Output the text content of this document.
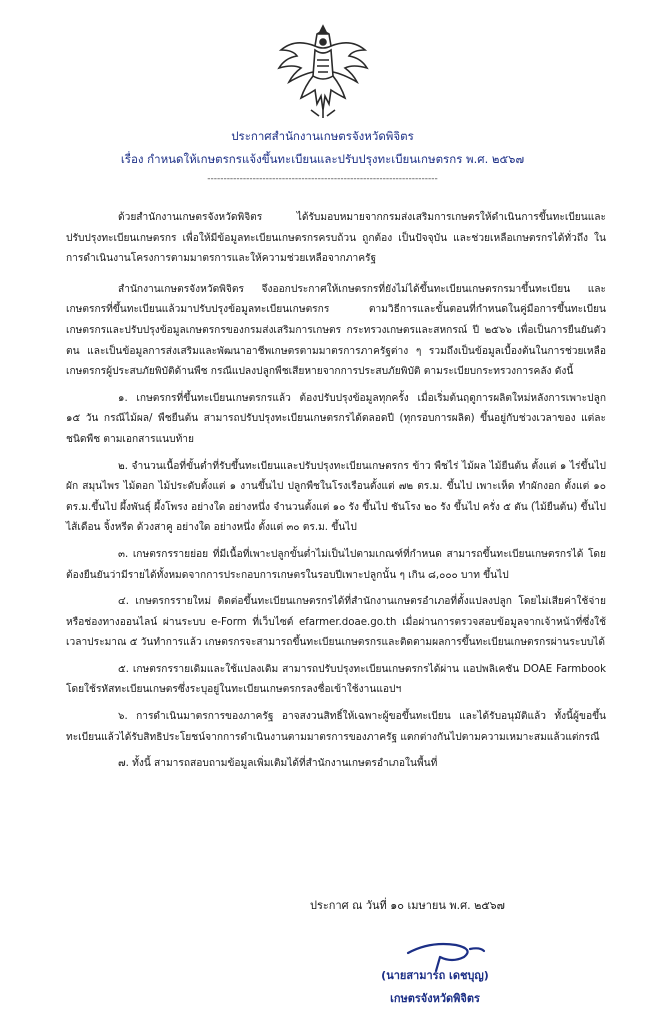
ประกาศสำนักงานเกษตรจังหวัดพิจิตร
เรื่อง กำหนดให้เกษตรกรแจ้งขึ้นทะเบียนและปรับปรุงทะเบียนเกษตรกร พ.ศ. ๒๕๖๗
-----------------------------------------------------------------------

ด้วยสำนักงานเกษตรจังหวัดพิจิตร ได้รับมอบหมายจากกรมส่งเสริมการเกษตรให้ดำเนินการขึ้นทะเบียนและปรับปรุงทะเบียนเกษตรกร เพื่อให้มีข้อมูลทะเบียนเกษตรกรครบถ้วน ถูกต้อง เป็นปัจจุบัน และช่วยเหลือเกษตรกรได้ทั่วถึง ในการดำเนินงานโครงการตามมาตรการและให้ความช่วยเหลือจากภาครัฐ

สำนักงานเกษตรจังหวัดพิจิตร จึงออกประกาศให้เกษตรกรที่ยังไม่ได้ขึ้นทะเบียนเกษตรกรมาขึ้นทะเบียน และเกษตรกรที่ขึ้นทะเบียนแล้วมาปรับปรุงข้อมูลทะเบียนเกษตรกร ตามวิธีการและขั้นตอนที่กำหนดในคู่มือการขึ้นทะเบียนเกษตรกรและปรับปรุงข้อมูลเกษตรกรของกรมส่งเสริมการเกษตร กระทรวงเกษตรและสหกรณ์ ปี ๒๕๖๖ เพื่อเป็นการยืนยันตัวตน และเป็นข้อมูลการส่งเสริมและพัฒนาอาชีพเกษตรตามมาตรการภาครัฐต่าง ๆ รวมถึงเป็นข้อมูลเบื้องต้นในการช่วยเหลือเกษตรกรผู้ประสบภัยพิบัติด้านพืช กรณีแปลงปลูกพืชเสียหายจากการประสบภัยพิบัติ ตามระเบียบกระทรวงการคลัง ดังนี้

๑. เกษตรกรที่ขึ้นทะเบียนเกษตรกรแล้ว ต้องปรับปรุงข้อมูลทุกครั้ง เมื่อเริ่มต้นฤดูการผลิตใหม่หลังการเพาะปลูก ๑๕ วัน กรณีไม้ผล/ พืชยืนต้น สามารถปรับปรุงทะเบียนเกษตรกรได้ตลอดปี (ทุกรอบการผลิต) ขึ้นอยู่กับช่วงเวลาของ แต่ละชนิดพืช ตามเอกสารแนบท้าย

๒. จำนวนเนื้อที่ขั้นต่ำที่รับขึ้นทะเบียนและปรับปรุงทะเบียนเกษตรกร ข้าว พืชไร่ ไม้ผล ไม้ยืนต้น ตั้งแต่ ๑ ไร่ขึ้นไป ผัก สมุนไพร ไม้ดอก ไม้ประดับตั้งแต่ ๑ งานขึ้นไป ปลูกพืชในโรงเรือนตั้งแต่ ๗๒ ตร.ม. ขึ้นไป เพาะเห็ด ทำผักงอก ตั้งแต่ ๑๐ ตร.ม.ขึ้นไป ผึ้งพันธุ์ ผึ้งโพรง อย่างใด อย่างหนึ่ง จำนวนตั้งแต่ ๑๐ รัง ขึ้นไป ชันโรง ๒๐ รัง ขึ้นไป ครั่ง ๕ ตัน (ไม้ยืนต้น) ขึ้นไป ไส้เดือน จิ้งหรีด ด้วงสาคู อย่างใด อย่างหนึ่ง ตั้งแต่ ๓๐ ตร.ม. ขึ้นไป

๓. เกษตรกรรายย่อย ที่มีเนื้อที่เพาะปลูกขั้นต่ำไม่เป็นไปตามเกณฑ์ที่กำหนด สามารถขึ้นทะเบียนเกษตรกรได้ โดยต้องยืนยันว่ามีรายได้ทั้งหมดจากการประกอบการเกษตรในรอบปีเพาะปลูกนั้น ๆ เกิน ๘,๐๐๐ บาท ขึ้นไป

๔. เกษตรกรรายใหม่ ติดต่อขึ้นทะเบียนเกษตรกรได้ที่สำนักงานเกษตรอำเภอที่ตั้งแปลงปลูก โดยไม่เสียค่าใช้จ่าย หรือช่องทางออนไลน์ ผ่านระบบ e-Form ที่เว็บไซต์ efarmer.doae.go.th เมื่อผ่านการตรวจสอบข้อมูลจากเจ้าหน้าที่ซึ่งใช้เวลาประมาณ ๕ วันทำการแล้ว เกษตรกรจะสามารถขึ้นทะเบียนเกษตรกรและติดตามผลการขึ้นทะเบียนเกษตรกรผ่านระบบได้

๕. เกษตรกรรายเดิมและใช้แปลงเดิม สามารถปรับปรุงทะเบียนเกษตรกรได้ผ่าน แอปพลิเคชัน DOAE Farmbook โดยใช้รหัสทะเบียนเกษตรซึ่งระบุอยู่ในทะเบียนเกษตรกรลงชื่อเข้าใช้งานแอปฯ

๖. การดำเนินมาตรการของภาครัฐ อาจสงวนสิทธิ์ให้เฉพาะผู้ขอขึ้นทะเบียน และได้รับอนุมัติแล้ว ทั้งนี้ผู้ขอขึ้นทะเบียนแล้วได้รับสิทธิประโยชน์จากการดำเนินงานตามมาตรการของภาครัฐ แตกต่างกันไปตามความเหมาะสมแล้วแต่กรณี

๗. ทั้งนี้ สามารถสอบถามข้อมูลเพิ่มเติมได้ที่สำนักงานเกษตรอำเภอในพื้นที่

ประกาศ ณ วันที่ ๑๐ เมษายน พ.ศ. ๒๕๖๗
(นายสามารถ เดชบุญ)
เกษตรจังหวัดพิจิตร
